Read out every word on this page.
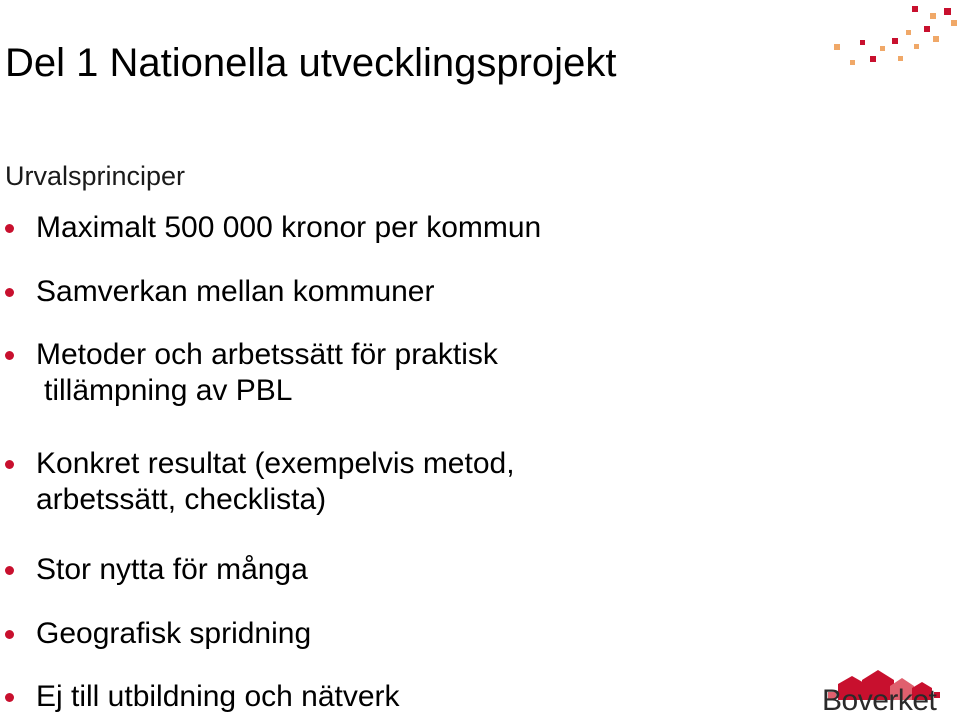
Del 1 Nationella utvecklingsprojekt
Urvalsprinciper
Maximalt 500 000 kronor per kommun
Samverkan mellan kommuner
Metoder och arbetssätt för praktisk
tillämpning av PBL
Konkret resultat (exempelvis metod,
arbetssätt, checklista)
Stor nytta för många
Geografisk spridning
Ej till utbildning och nätverk	Boverket
